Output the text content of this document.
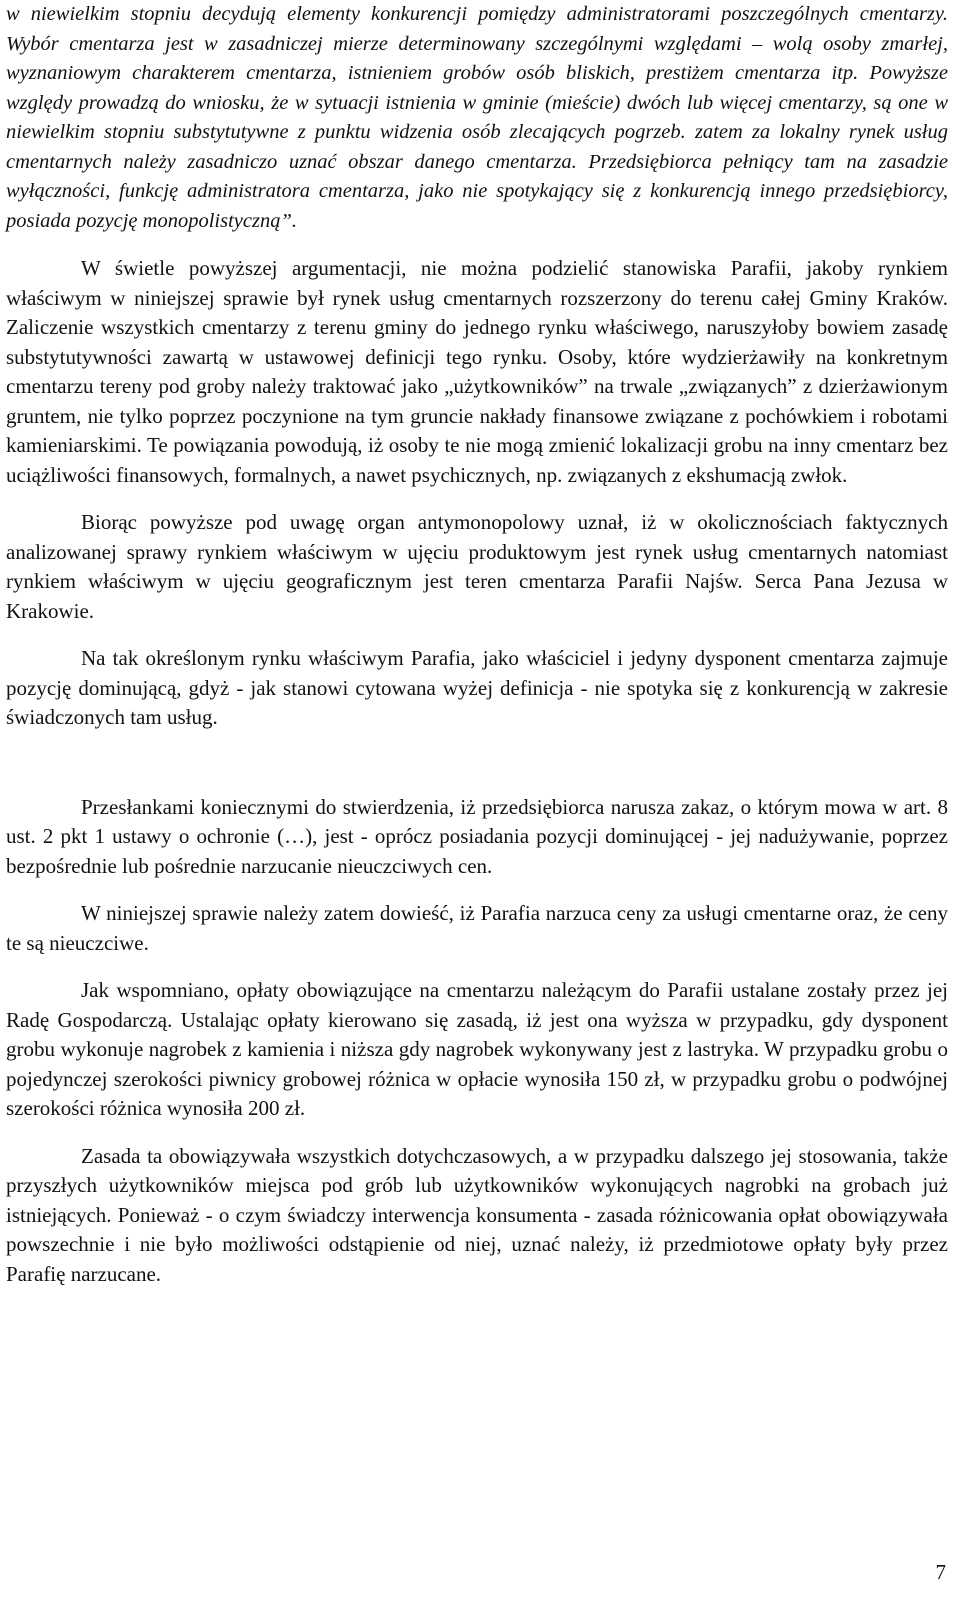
w niewielkim stopniu decydują elementy konkurencji pomiędzy administratorami poszczególnych cmentarzy. Wybór cmentarza jest w zasadniczej mierze determinowany szczególnymi względami – wolą osoby zmarłej, wyznaniowym charakterem cmentarza, istnieniem grobów osób bliskich, prestiżem cmentarza itp. Powyższe względy prowadzą do wniosku, że w sytuacji istnienia w gminie (mieście) dwóch lub więcej cmentarzy, są one w niewielkim stopniu substytutywne z punktu widzenia osób zlecających pogrzeb. zatem za lokalny rynek usług cmentarnych należy zasadniczo uznać obszar danego cmentarza. Przedsiębiorca pełniący tam na zasadzie wyłączności, funkcję administratora cmentarza, jako nie spotykający się z konkurencją innego przedsiębiorcy, posiada pozycję monopolistyczną”.

W świetle powyższej argumentacji, nie można podzielić stanowiska Parafii, jakoby rynkiem właściwym w niniejszej sprawie był rynek usług cmentarnych rozszerzony do terenu całej Gminy Kraków. Zaliczenie wszystkich cmentarzy z terenu gminy do jednego rynku właściwego, naruszyłoby bowiem zasadę substytutywności zawartą w ustawowej definicji tego rynku. Osoby, które wydzierżawiły na konkretnym cmentarzu tereny pod groby należy traktować jako „użytkowników” na trwale „związanych” z dzierżawionym gruntem, nie tylko poprzez poczynione na tym gruncie nakłady finansowe związane z pochówkiem i robotami kamieniarskimi. Te powiązania powodują, iż osoby te nie mogą zmienić lokalizacji grobu na inny cmentarz bez uciążliwości finansowych, formalnych, a nawet psychicznych, np. związanych z ekshumacją zwłok.

Biorąc powyższe pod uwagę organ antymonopolowy uznał, iż w okolicznościach faktycznych analizowanej sprawy rynkiem właściwym w ujęciu produktowym jest rynek usług cmentarnych natomiast rynkiem właściwym w ujęciu geograficznym jest teren cmentarza Parafii Najśw. Serca Pana Jezusa w Krakowie.

Na tak określonym rynku właściwym Parafia, jako właściciel i jedyny dysponent cmentarza zajmuje pozycję dominującą, gdyż - jak stanowi cytowana wyżej definicja - nie spotyka się z konkurencją w zakresie świadczonych tam usług.

Przesłankami koniecznymi do stwierdzenia, iż przedsiębiorca narusza zakaz, o którym mowa w art. 8 ust. 2 pkt 1 ustawy o ochronie (…), jest - oprócz posiadania pozycji dominującej - jej nadużywanie, poprzez bezpośrednie lub pośrednie narzucanie nieuczciwych cen.

W niniejszej sprawie należy zatem dowieść, iż Parafia narzuca ceny za usługi cmentarne oraz, że ceny te są nieuczciwe.

Jak wspomniano, opłaty obowiązujące na cmentarzu należącym do Parafii ustalane zostały przez jej Radę Gospodarczą. Ustalając opłaty kierowano się zasadą, iż jest ona wyższa w przypadku, gdy dysponent grobu wykonuje nagrobek z kamienia i niższa gdy nagrobek wykonywany jest z lastryka. W przypadku grobu o pojedynczej szerokości piwnicy grobowej różnica w opłacie wynosiła 150 zł, w przypadku grobu o podwójnej szerokości różnica wynosiła 200 zł.

Zasada ta obowiązywała wszystkich dotychczasowych, a w przypadku dalszego jej stosowania, także przyszłych użytkowników miejsca pod grób lub użytkowników wykonujących nagrobki na grobach już istniejących. Ponieważ - o czym świadczy interwencja konsumenta - zasada różnicowania opłat obowiązywała powszechnie i nie było możliwości odstąpienie od niej, uznać należy, iż przedmiotowe opłaty były przez Parafię narzucane.

7
